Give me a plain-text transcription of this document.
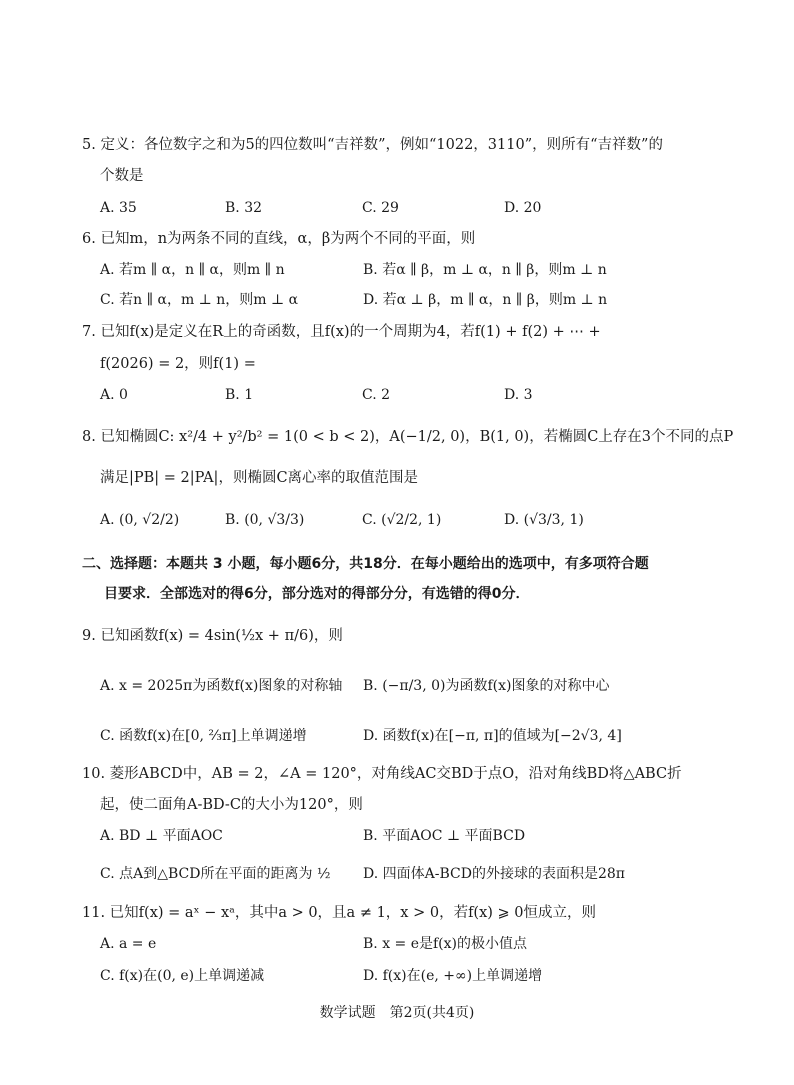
5. 定义：各位数字之和为5的四位数叫“吉祥数”，例如“1022，3110”，则所有“吉祥数”的
个数是
A. 35	B. 32	C. 29	D. 20
6. 已知m，n为两条不同的直线，α，β为两个不同的平面，则
A. 若m ∥ α，n ∥ α，则m ∥ n	B. 若α ∥ β，m ⊥ α，n ∥ β，则m ⊥ n
C. 若n ∥ α，m ⊥ n，则m ⊥ α	D. 若α ⊥ β，m ∥ α，n ∥ β，则m ⊥ n
7. 已知f(x)是定义在R上的奇函数，且f(x)的一个周期为4，若f(1) + f(2) + ⋯ +
f(2026) = 2，则f(1) =
A. 0	B. 1	C. 2	D. 3
8. 已知椭圆C: x²/4 + y²/b² = 1(0 < b < 2)，A(−1/2, 0)，B(1, 0)，若椭圆C上存在3个不同的点P
满足|PB| = 2|PA|，则椭圆C离心率的取值范围是
A. (0, √2/2)	B. (0, √3/3)	C. (√2/2, 1)	D. (√3/3, 1)
二、选择题：本题共 3 小题，每小题6分，共18分．在每小题给出的选项中，有多项符合题
目要求．全部选对的得6分，部分选对的得部分分，有选错的得0分．
9. 已知函数f(x) = 4sin(½x + π/6)，则
A. x = 2025π为函数f(x)图象的对称轴 B. (−π/3, 0)为函数f(x)图象的对称中心
C. 函数f(x)在[0, ⅔π]上单调递增	D. 函数f(x)在[−π, π]的值域为[−2√3, 4]
10. 菱形ABCD中，AB = 2，∠A = 120°，对角线AC交BD于点O，沿对角线BD将△ABC折
起，使二面角A-BD-C的大小为120°，则
A. BD ⊥ 平面AOC	B. 平面AOC ⊥ 平面BCD
C. 点A到△BCD所在平面的距离为 ½ D. 四面体A-BCD的外接球的表面积是28π
11. 已知f(x) = aˣ − xᵃ，其中a > 0，且a ≠ 1，x > 0，若f(x) ⩾ 0恒成立，则
A. a = e	B. x = e是f(x)的极小值点
C. f(x)在(0, e)上单调递减	D. f(x)在(e, +∞)上单调递增
数学试题　第2页(共4页)
